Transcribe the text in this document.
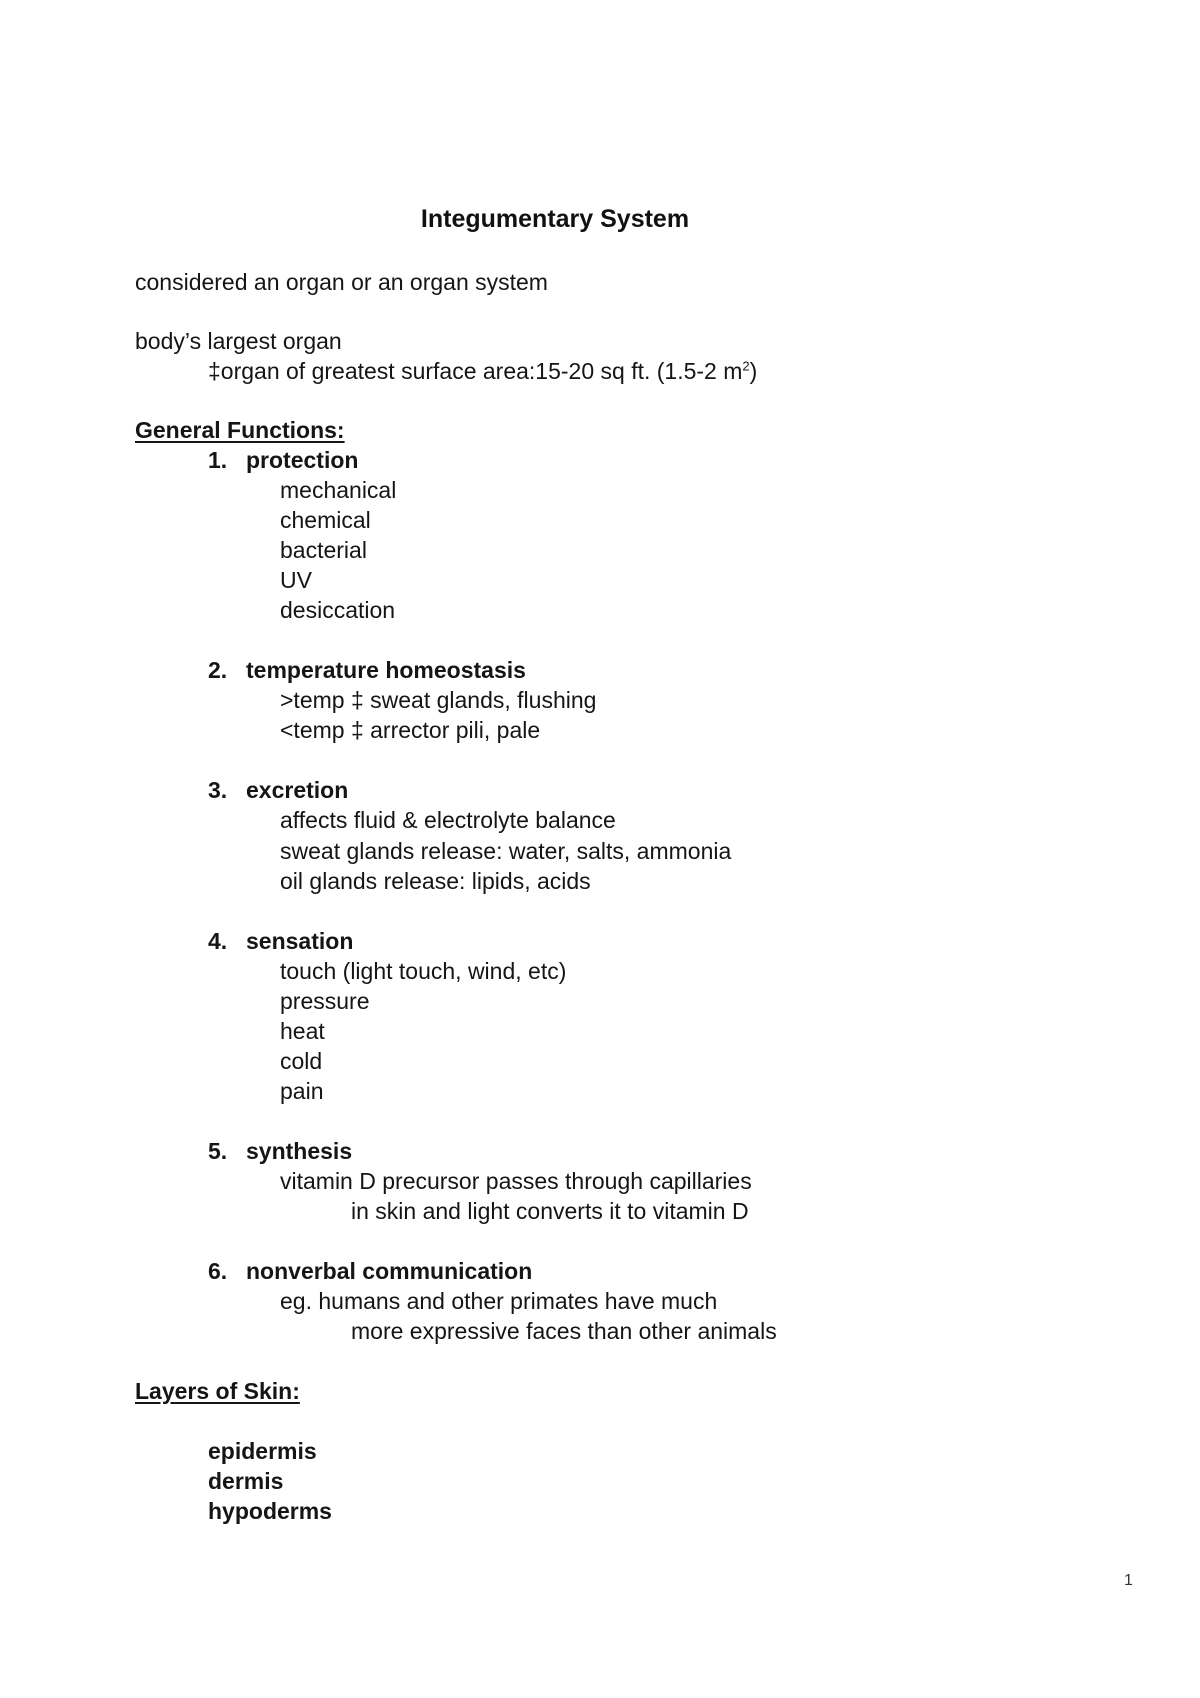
Integumentary System
considered an organ or an organ system
body’s largest organ
‡organ of greatest surface area:15-20 sq ft. (1.5-2 $m^2$)
General Functions:
1. protection
mechanical
chemical
bacterial
UV
desiccation
2. temperature homeostasis
>temp ‡ sweat glands, flushing
<temp ‡ arrector pili, pale
3. excretion
affects fluid & electrolyte balance
sweat glands release: water, salts, ammonia
oil glands release: lipids, acids
4. sensation
touch (light touch, wind, etc)
pressure
heat
cold
pain
5. synthesis
vitamin D precursor passes through capillaries
in skin and light converts it to vitamin D
6. nonverbal communication
eg. humans and other primates have much
more expressive faces than other animals
Layers of Skin:
epidermis
dermis
hypoderms
1
